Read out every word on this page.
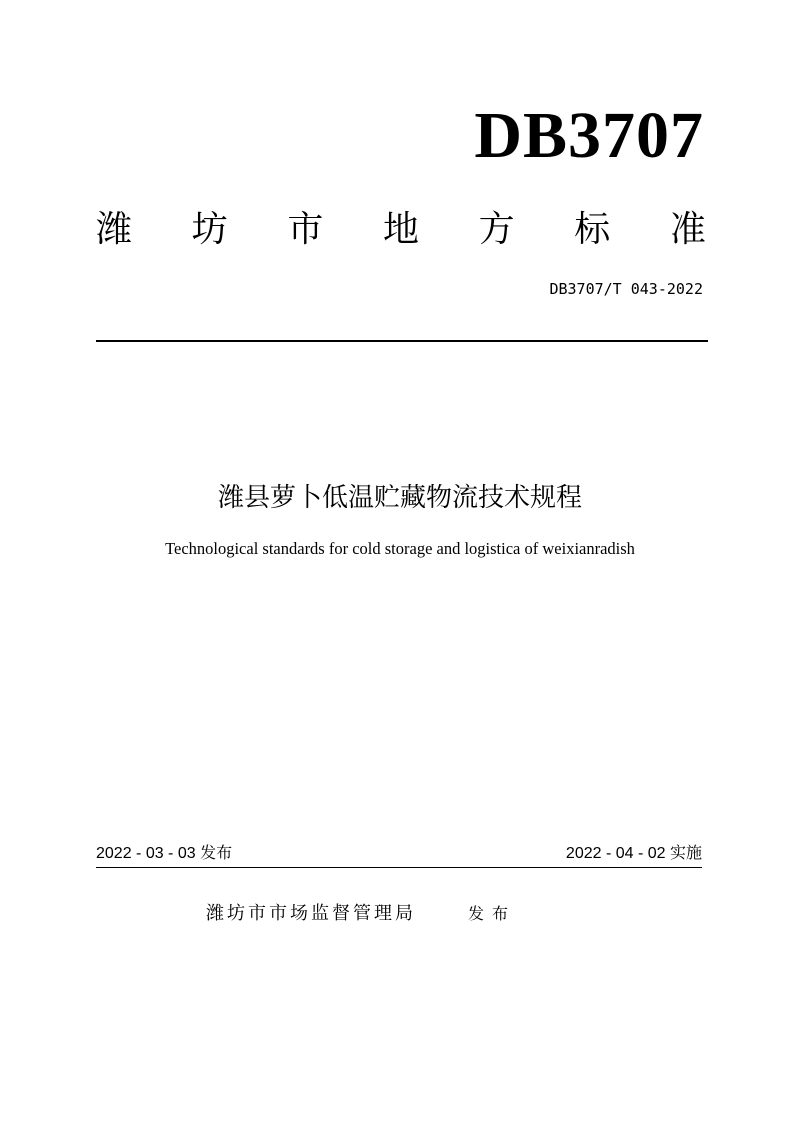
DB3707
潍 坊 市 地 方 标 准
DB3707/T 043-2022
潍县萝卜低温贮藏物流技术规程
Technological standards for cold storage and logistica of weixianradish
2022 - 03 - 03 发布	2022 - 04 - 02 实施
潍坊市市场监督管理局	发布
